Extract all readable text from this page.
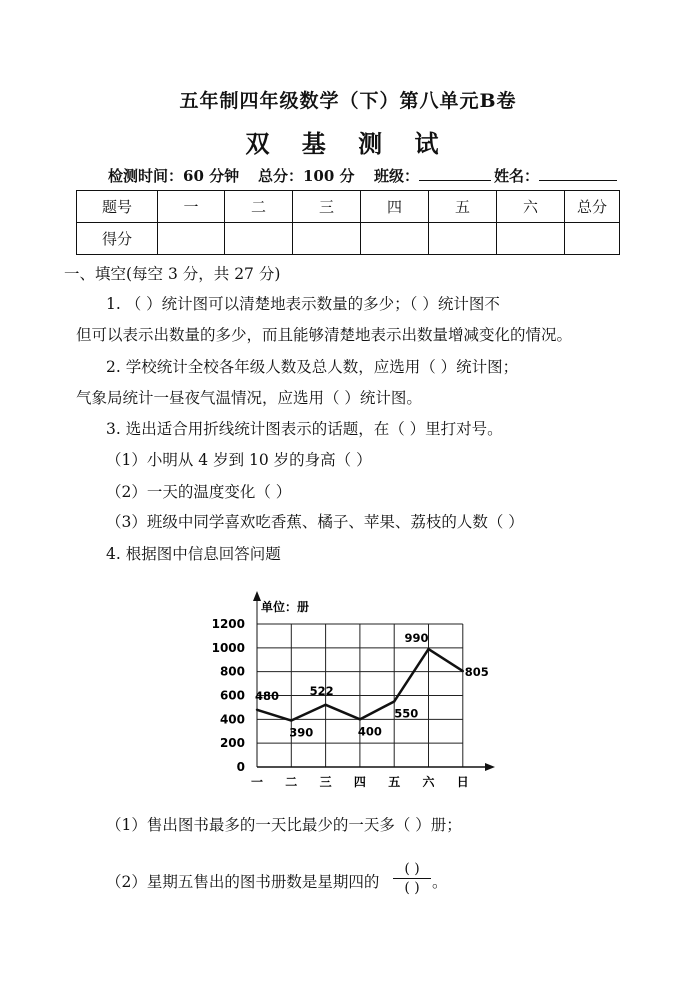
五年制四年级数学（下）第八单元B卷
双 基 测 试
检测时间：60 分钟 总分：100 分 班级：	姓名：
题号	一	二	三	四	五	六	总分
得分							
一、填空(每空 3 分，共 27 分)
1. （ ）统计图可以清楚地表示数量的多少；（ ）统计图不
但可以表示出数量的多少，而且能够清楚地表示出数量增减变化的情况。
2. 学校统计全校各年级人数及总人数，应选用（ ）统计图；
气象局统计一昼夜气温情况，应选用（ ）统计图。
3. 选出适合用折线统计图表示的话题，在（ ）里打对号。
（1）小明从 4 岁到 10 岁的身高（ ）
（2）一天的温度变化（ ）
（3）班级中同学喜欢吃香蕉、橘子、苹果、荔枝的人数（ ）
4. 根据图中信息回答问题
0
200
400
600
800
1000
1200
一 二 三 四 五 六 日
480
390
522
400
550
990
805
单位：册
（1）售出图书最多的一天比最少的一天多（ ）册；
（2）星期五售出的图书册数是星期四的
( )
( ) 。
